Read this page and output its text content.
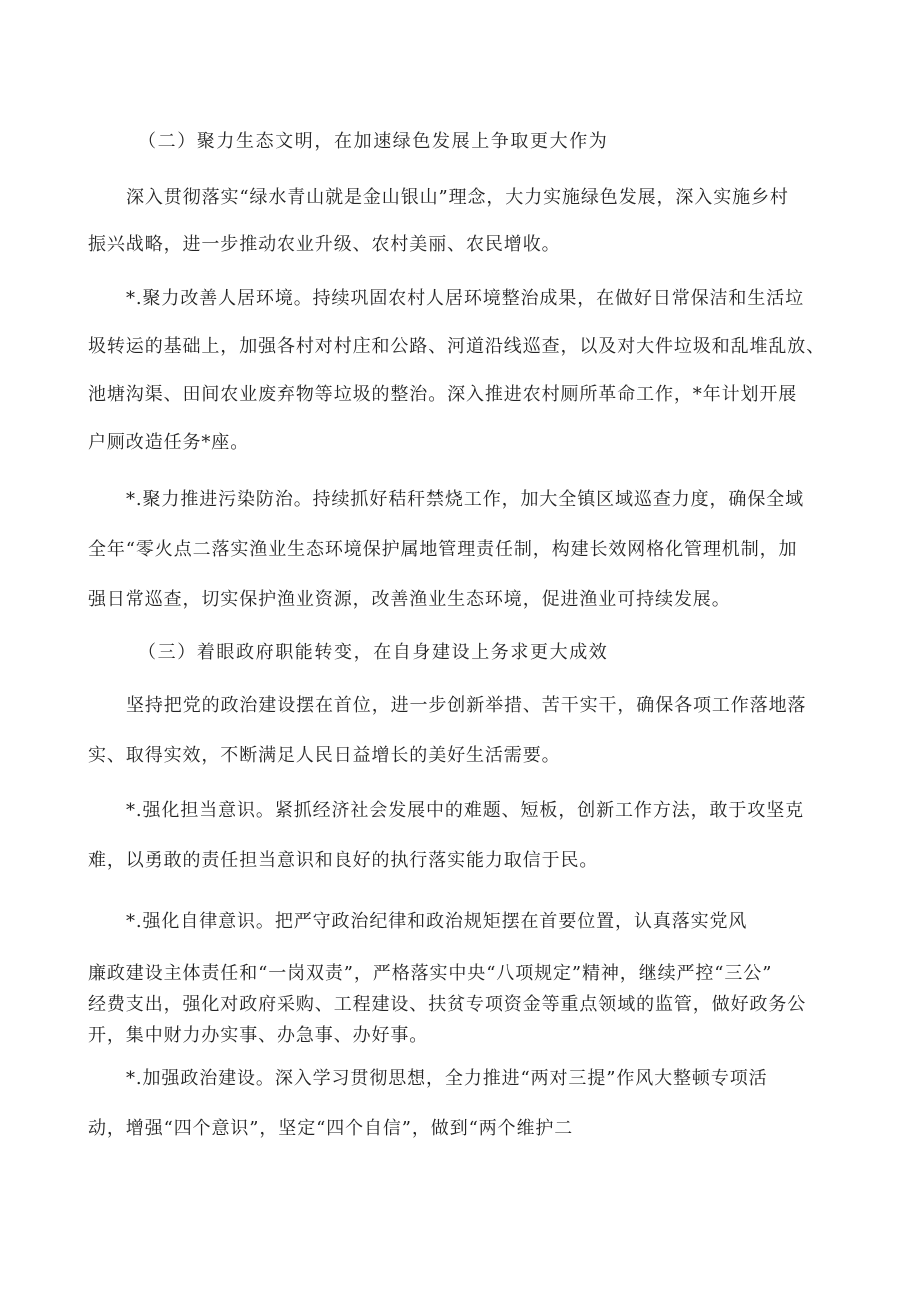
（二）聚力生态文明，在加速绿色发展上争取更大作为
深入贯彻落实“绿水青山就是金山银山”理念，大力实施绿色发展，深入实施乡村
振兴战略，进一步推动农业升级、农村美丽、农民增收。
*.聚力改善人居环境。持续巩固农村人居环境整治成果，在做好日常保洁和生活垃
圾转运的基础上，加强各村对村庄和公路、河道沿线巡查，以及对大件垃圾和乱堆乱放、
池塘沟渠、田间农业废弃物等垃圾的整治。深入推进农村厕所革命工作，*年计划开展
户厕改造任务*座。
*.聚力推进污染防治。持续抓好秸秆禁烧工作，加大全镇区域巡查力度，确保全域
全年“零火点二落实渔业生态环境保护属地管理责任制，构建长效网格化管理机制，加
强日常巡查，切实保护渔业资源，改善渔业生态环境，促进渔业可持续发展。
（三）着眼政府职能转变，在自身建设上务求更大成效
坚持把党的政治建设摆在首位，进一步创新举措、苦干实干，确保各项工作落地落
实、取得实效，不断满足人民日益增长的美好生活需要。
*.强化担当意识。紧抓经济社会发展中的难题、短板，创新工作方法，敢于攻坚克
难，以勇敢的责任担当意识和良好的执行落实能力取信于民。
*.强化自律意识。把严守政治纪律和政治规矩摆在首要位置，认真落实党风
廉政建设主体责任和“一岗双责”，严格落实中央“八项规定”精神，继续严控“三公”
经费支出，强化对政府采购、工程建设、扶贫专项资金等重点领域的监管，做好政务公
开，集中财力办实事、办急事、办好事。
*.加强政治建设。深入学习贯彻思想，全力推进“两对三提”作风大整顿专项活
动，增强“四个意识”，坚定“四个自信”，做到“两个维护二
